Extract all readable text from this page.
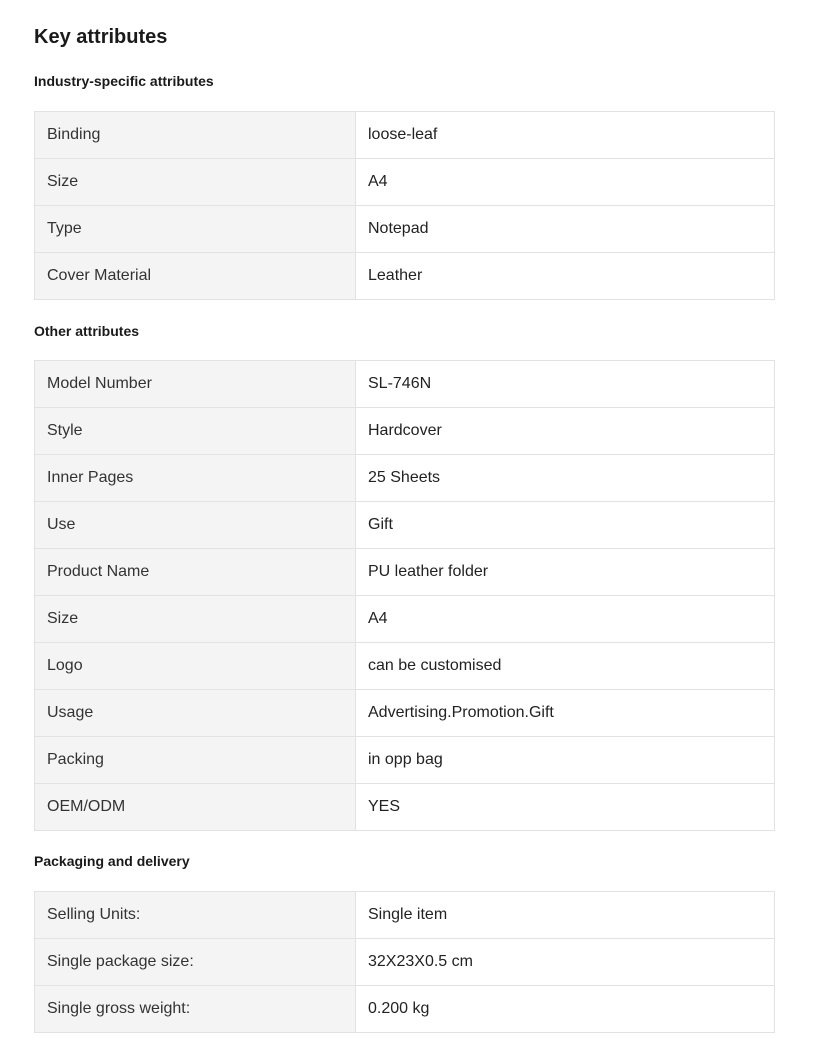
Key attributes
Industry-specific attributes
Binding	loose-leaf
Size	A4
Type	Notepad
Cover Material	Leather
Other attributes
Model Number	SL-746N
Style	Hardcover
Inner Pages	25 Sheets
Use	Gift
Product Name	PU leather folder
Size	A4
Logo	can be customised
Usage	Advertising.Promotion.Gift
Packing	in opp bag
OEM/ODM	YES
Packaging and delivery
Selling Units:	Single item
Single package size:	32X23X0.5 cm
Single gross weight:	0.200 kg
